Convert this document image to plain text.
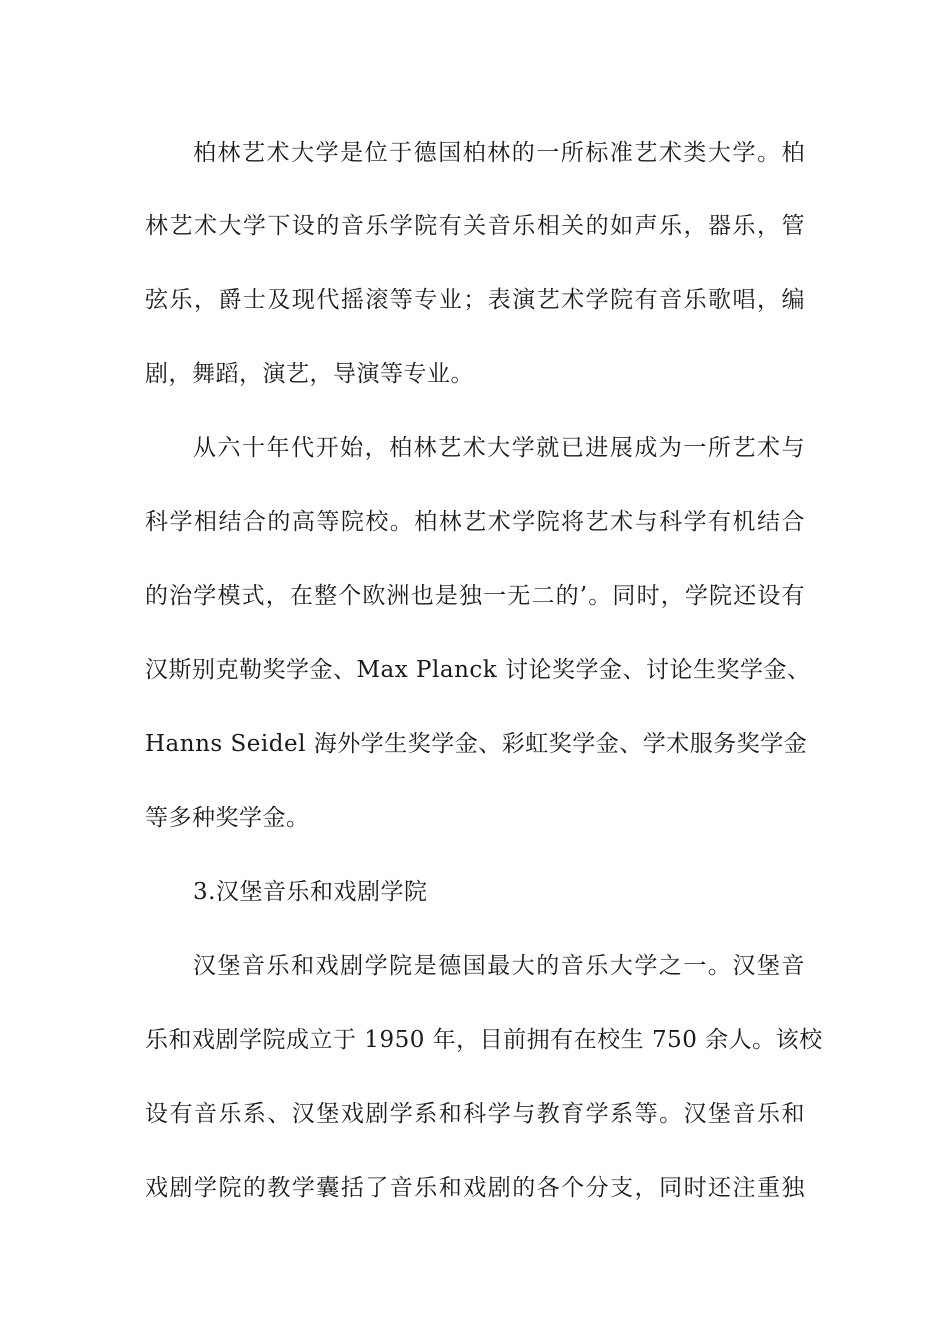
柏林艺术大学是位于德国柏林的一所标准艺术类大学。柏
林艺术大学下设的音乐学院有关音乐相关的如声乐，器乐，管
弦乐，爵士及现代摇滚等专业；表演艺术学院有音乐歌唱，编
剧，舞蹈，演艺，导演等专业。
从六十年代开始，柏林艺术大学就已进展成为一所艺术与
科学相结合的高等院校。柏林艺术学院将艺术与科学有机结合
的治学模式，在整个欧洲也是独一无二的’。同时，学院还设有
汉斯别克勒奖学金、Max Planck 讨论奖学金、讨论生奖学金、
Hanns Seidel 海外学生奖学金、彩虹奖学金、学术服务奖学金
等多种奖学金。
3.汉堡音乐和戏剧学院
汉堡音乐和戏剧学院是德国最大的音乐大学之一。汉堡音
乐和戏剧学院成立于 1950 年，目前拥有在校生 750 余人。该校
设有音乐系、汉堡戏剧学系和科学与教育学系等。汉堡音乐和
戏剧学院的教学囊括了音乐和戏剧的各个分支，同时还注重独
